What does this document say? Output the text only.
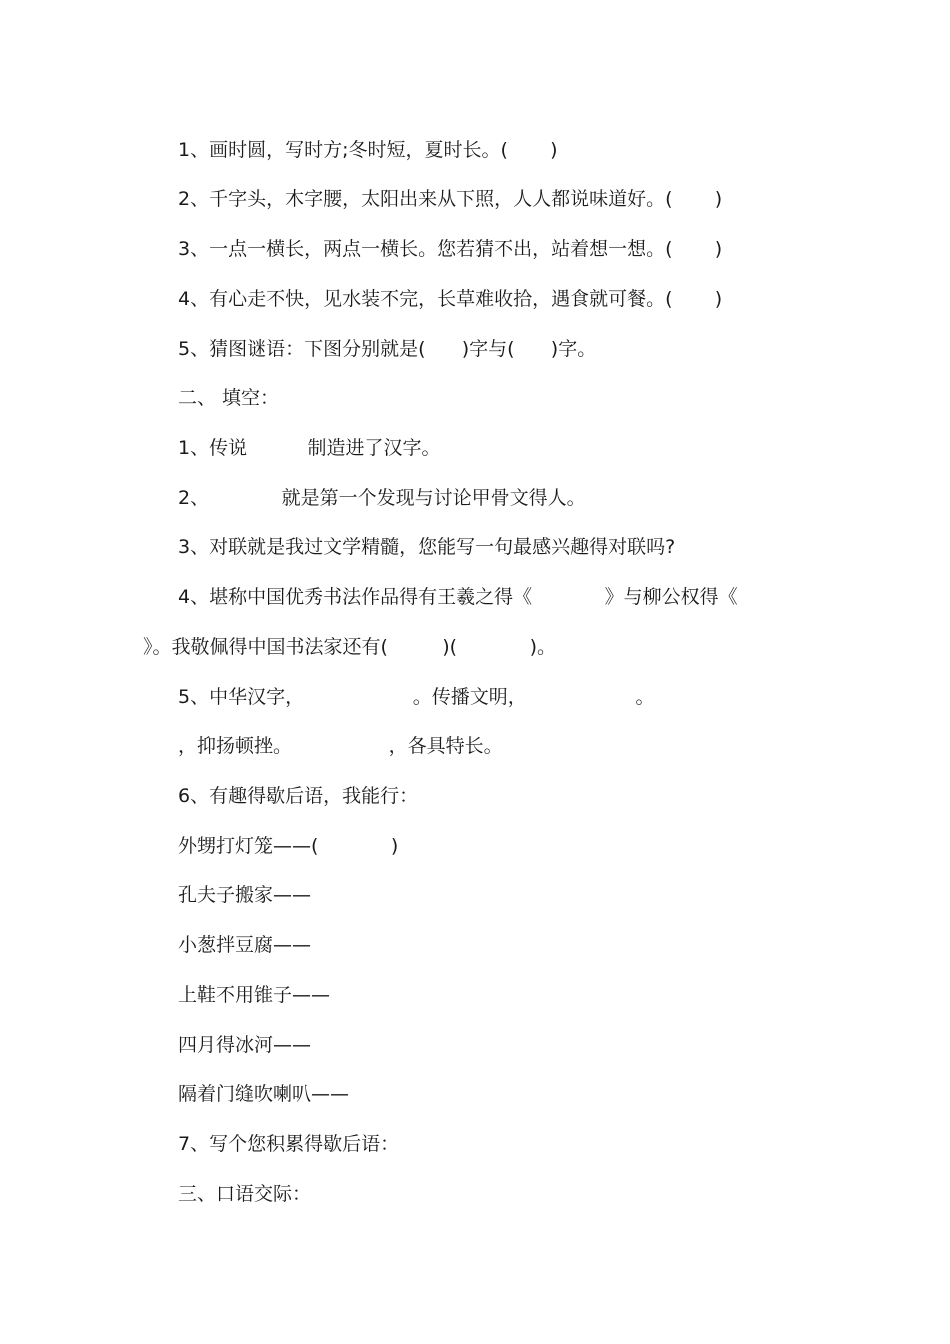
1、画时圆，写时方;冬时短，夏时长。(       )
2、千字头，木字腰，太阳出来从下照，人人都说味道好。(       )
3、一点一横长，两点一横长。您若猜不出，站着想一想。(       )
4、有心走不快，见水装不完，长草难收拾，遇食就可餐。(       )
5、猜图谜语：下图分别就是(      )字与(      )字。
二、 填空：
1、传说          制造进了汉字。
2、            就是第一个发现与讨论甲骨文得人。
3、对联就是我过文学精髓，您能写一句最感兴趣得对联吗?
4、堪称中国优秀书法作品得有王羲之得《            》与柳公权得《
》。我敬佩得中国书法家还有(         )(            )。
5、中华汉字，                  。传播文明，                  。
，抑扬顿挫。                ，各具特长。
6、有趣得歇后语，我能行：
外甥打灯笼——(            )
孔夫子搬家——
小葱拌豆腐——
上鞋不用锥子——
四月得冰河——
隔着门缝吹喇叭——
7、写个您积累得歇后语：
三、口语交际：
